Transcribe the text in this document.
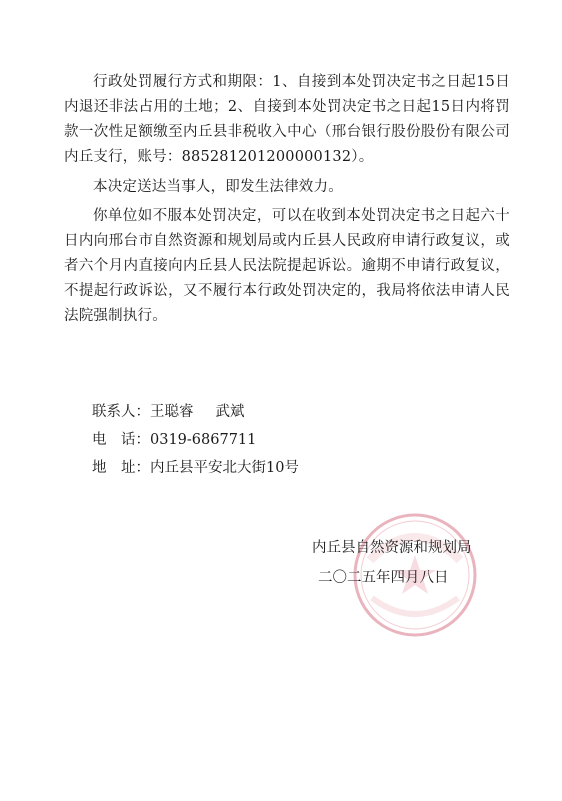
行政处罚履行方式和期限：1、自接到本处罚决定书之日起15日内退还非法占用的土地；2、自接到本处罚决定书之日起15日内将罚款一次性足额缴至内丘县非税收入中心（邢台银行股份股份有限公司内丘支行，账号：885281201200000132）。

本决定送达当事人，即发生法律效力。

你单位如不服本处罚决定，可以在收到本处罚决定书之日起六十日内向邢台市自然资源和规划局或内丘县人民政府申请行政复议，或者六个月内直接向内丘县人民法院提起诉讼。逾期不申请行政复议，不提起行政诉讼，又不履行本行政处罚决定的，我局将依法申请人民法院强制执行。

联系人：王聪睿 武斌
电　话：0319-6867711
地　址：内丘县平安北大街10号
内丘县自然资源和规划局
二〇二五年四月八日
